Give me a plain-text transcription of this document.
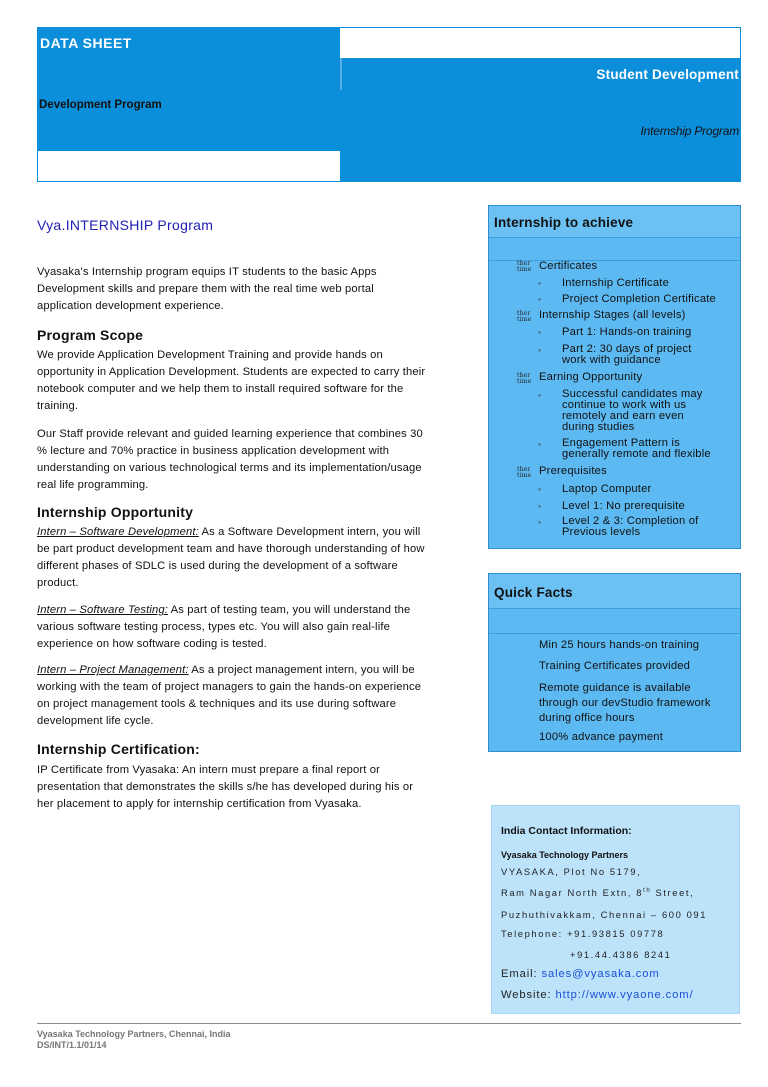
DATA SHEET
Student Development
Development Program
Internship Program
Vya.INTERNSHIP Program
Vyasaka's Internship program equips IT students to the basic Apps
Development skills and prepare them with the real time web portal
application development experience.
Program Scope
We provide Application Development Training and provide hands on
opportunity in Application Development. Students are expected to carry their
notebook computer and we help them to install required software for the
training.
Our Staff provide relevant and guided learning experience that combines 30
% lecture and 70% practice in business application development with
understanding on various technological terms and its implementation/usage
real life programming.
Internship Opportunity
Intern – Software Development: As a Software Development intern, you will
be part product development team and have thorough understanding of how
different phases of SDLC is used during the development of a software
product.
Intern – Software Testing: As part of testing team, you will understand the
various software testing process, types etc. You will also gain real-life
experience on how software coding is tested.
Intern – Project Management: As a project management intern, you will be
working with the team of project managers to gain the hands-on experience
on project management tools & techniques and its use during software
development life cycle.
Internship Certification:
IP Certificate from Vyasaka: An intern must prepare a final report or
presentation that demonstrates the skills s/he has developed during his or
her placement to apply for internship certification from Vyasaka.
Internship to achieve
ther
time Certificates
◦ Internship Certificate
◦ Project Completion Certificate
ther
time Internship Stages (all levels)
◦ Part 1: Hands-on training
◦ Part 2: 30 days of project
work with guidance
ther
time Earning Opportunity
◦ Successful candidates may
continue to work with us
remotely and earn even
during studies
◦ Engagement Pattern is
generally remote and flexible
ther
time Prerequisites
◦ Laptop Computer
◦ Level 1: No prerequisite
◦ Level 2 & 3: Completion of
Previous levels
Quick Facts
Min 25 hours hands-on training
Training Certificates provided
Remote guidance is available
through our devStudio framework
during office hours
100% advance payment
India Contact Information:
Vyasaka Technology Partners
VYASAKA, Plot No 5179,
Ram Nagar North Extn, 8th Street,
Puzhuthivakkam, Chennai – 600 091
Telephone: +91.93815 09778
+91.44.4386 8241
Email: sales@vyasaka.com
Website: http://www.vyaone.com/
Vyasaka Technology Partners, Chennai, India
DS/INT/1.1/01/14
